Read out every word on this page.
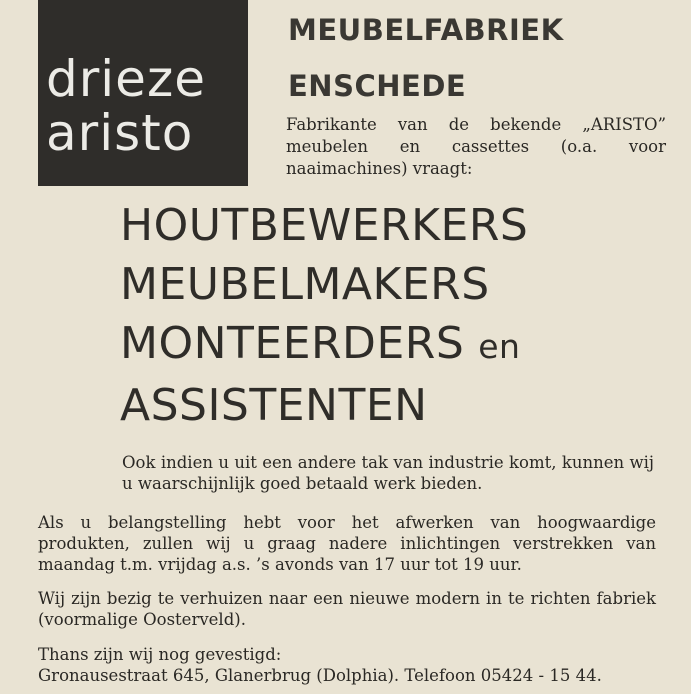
drieze
aristo
MEUBELFABRIEK
ENSCHEDE
Fabrikante van de bekende „ARISTO” meubelen en cassettes (o.a. voor naaimachines) vraagt:
HOUTBEWERKERS
MEUBELMAKERS
MONTEERDERS en
ASSISTENTEN
Ook indien u uit een andere tak van industrie komt, kunnen wij u waarschijnlijk goed betaald werk bieden.
Als u belangstelling hebt voor het afwerken van hoogwaardige produkten, zullen wij u graag nadere inlichtingen verstrekken van maandag t.m. vrijdag a.s. ’s avonds van 17 uur tot 19 uur.
Wij zijn bezig te verhuizen naar een nieuwe modern in te richten fabriek (voormalige Oosterveld).
Thans zijn wij nog gevestigd:
Gronausestraat 645, Glanerbrug (Dolphia). Telefoon 05424 - 15 44.
